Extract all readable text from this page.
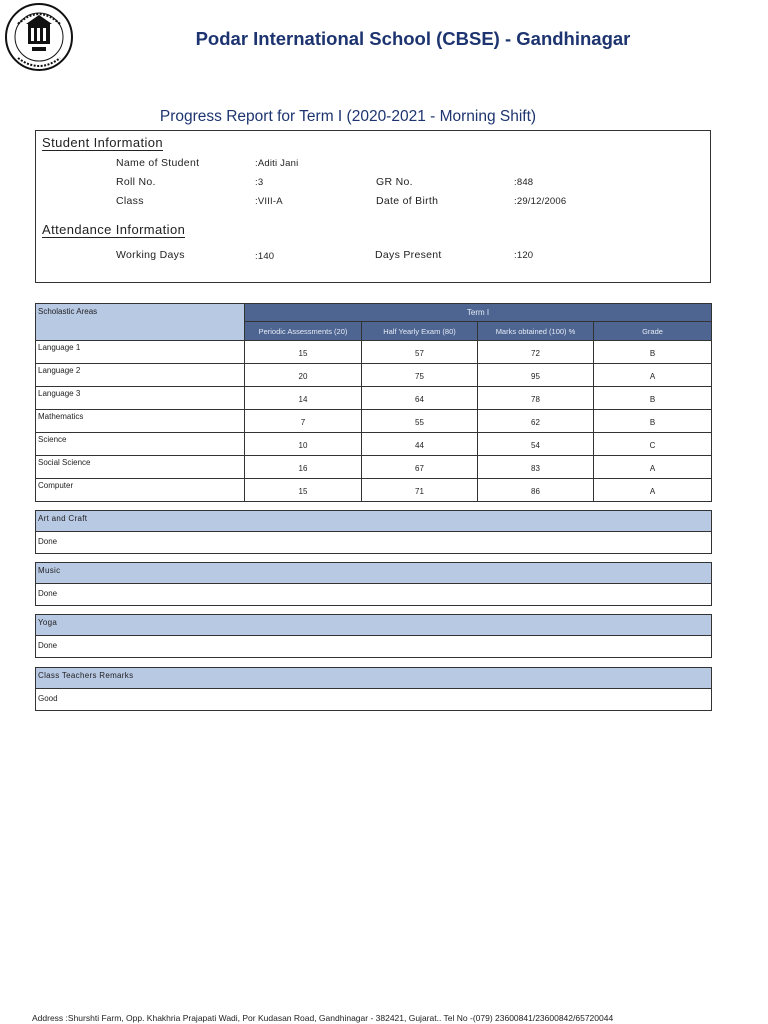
Podar International School (CBSE) - Gandhinagar
Progress Report for Term I (2020-2021 - Morning Shift)
Student Information
Name of Student	:Aditi Jani
Roll No.	:3	GR No.	:848
Class	:VIII-A	Date of Birth	:29/12/2006
Attendance Information
Working Days	:140	Days Present	:120
Scholastic Areas	Term I			
	Periodic Assessments (20)	Half Yearly Exam (80)	Marks obtained (100) %	Grade
Language 1	15	57	72	B
Language 2	20	75	95	A
Language 3	14	64	78	B
Mathematics	7	55	62	B
Science	10	44	54	C
Social Science	16	67	83	A
Computer	15	71	86	A
Art and Craft
Done
Music
Done
Yoga
Done
Class Teachers Remarks
Good
Address :Shurshti Farm, Opp. Khakhria Prajapati Wadi, Por Kudasan Road, Gandhinagar - 382421, Gujarat.. Tel No -(079) 23600841/23600842/65720044
